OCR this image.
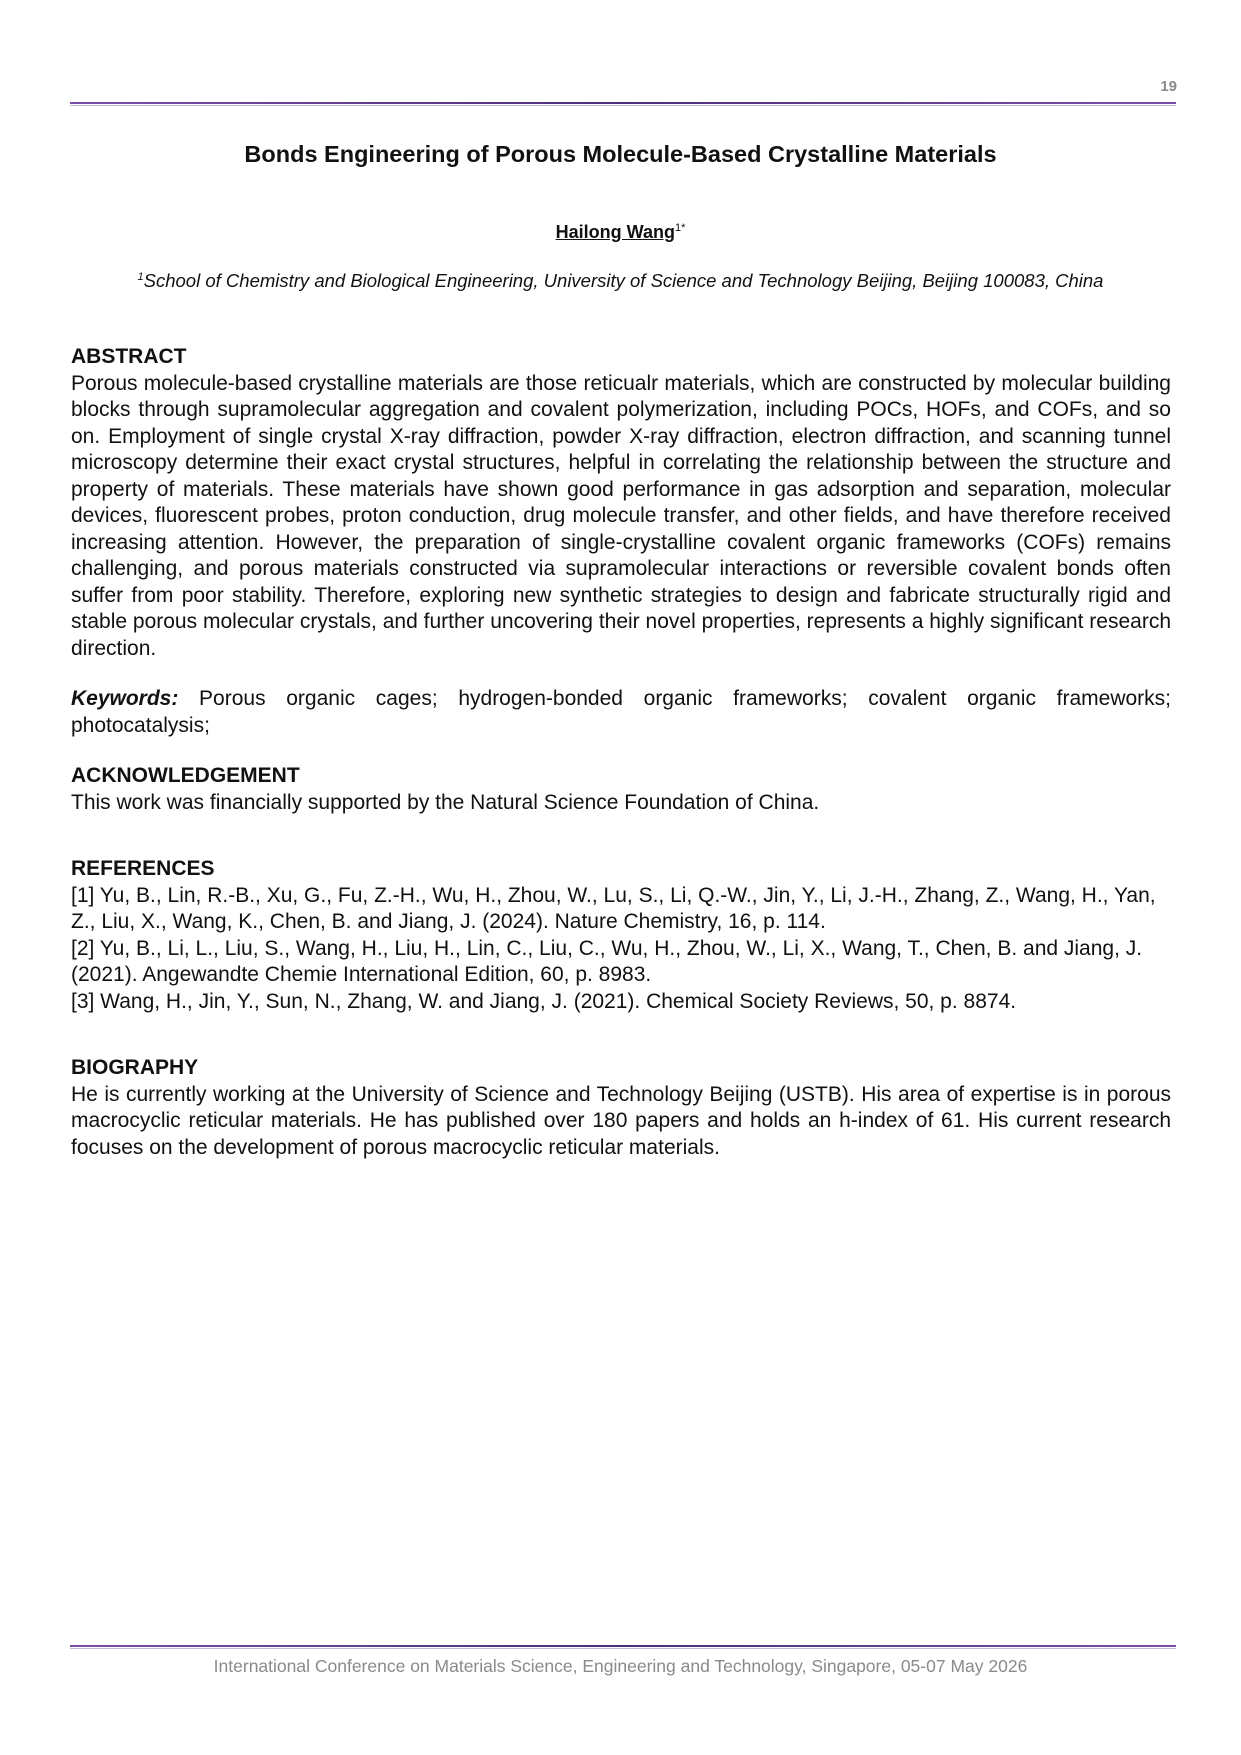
19
Bonds Engineering of Porous Molecule-Based Crystalline Materials
Hailong Wang$^{1*}$
$^1$School of Chemistry and Biological Engineering, University of Science and Technology Beijing, Beijing 100083, China
ABSTRACT

Porous molecule-based crystalline materials are those reticualr materials, which are constructed by molecular building blocks through supramolecular aggregation and covalent polymerization, including POCs, HOFs, and COFs, and so on. Employment of single crystal X-ray diffraction, powder X-ray diffraction, electron diffraction, and scanning tunnel microscopy determine their exact crystal structures, helpful in correlating the relationship between the structure and property of materials. These materials have shown good performance in gas adsorption and separation, molecular devices, fluorescent probes, proton conduction, drug molecule transfer, and other fields, and have therefore received increasing attention. However, the preparation of single-crystalline covalent organic frameworks (COFs) remains challenging, and porous materials constructed via supramolecular interactions or reversible covalent bonds often suffer from poor stability. Therefore, exploring new synthetic strategies to design and fabricate structurally rigid and stable porous molecular crystals, and further uncovering their novel properties, represents a highly significant research direction.

Keywords: Porous organic cages; hydrogen-bonded organic frameworks; covalent organic frameworks; photocatalysis;

ACKNOWLEDGEMENT

This work was financially supported by the Natural Science Foundation of China.

REFERENCES

[1] Yu, B., Lin, R.-B., Xu, G., Fu, Z.-H., Wu, H., Zhou, W., Lu, S., Li, Q.-W., Jin, Y., Li, J.-H., Zhang, Z., Wang, H., Yan, Z., Liu, X., Wang, K., Chen, B. and Jiang, J. (2024). Nature Chemistry, 16, p. 114.

[2] Yu, B., Li, L., Liu, S., Wang, H., Liu, H., Lin, C., Liu, C., Wu, H., Zhou, W., Li, X., Wang, T., Chen, B. and Jiang, J. (2021). Angewandte Chemie International Edition, 60, p. 8983.

[3] Wang, H., Jin, Y., Sun, N., Zhang, W. and Jiang, J. (2021). Chemical Society Reviews, 50, p. 8874.

BIOGRAPHY

He is currently working at the University of Science and Technology Beijing (USTB). His area of expertise is in porous macrocyclic reticular materials. He has published over 180 papers and holds an h-index of 61. His current research focuses on the development of porous macrocyclic reticular materials.

International Conference on Materials Science, Engineering and Technology, Singapore, 05-07 May 2026
